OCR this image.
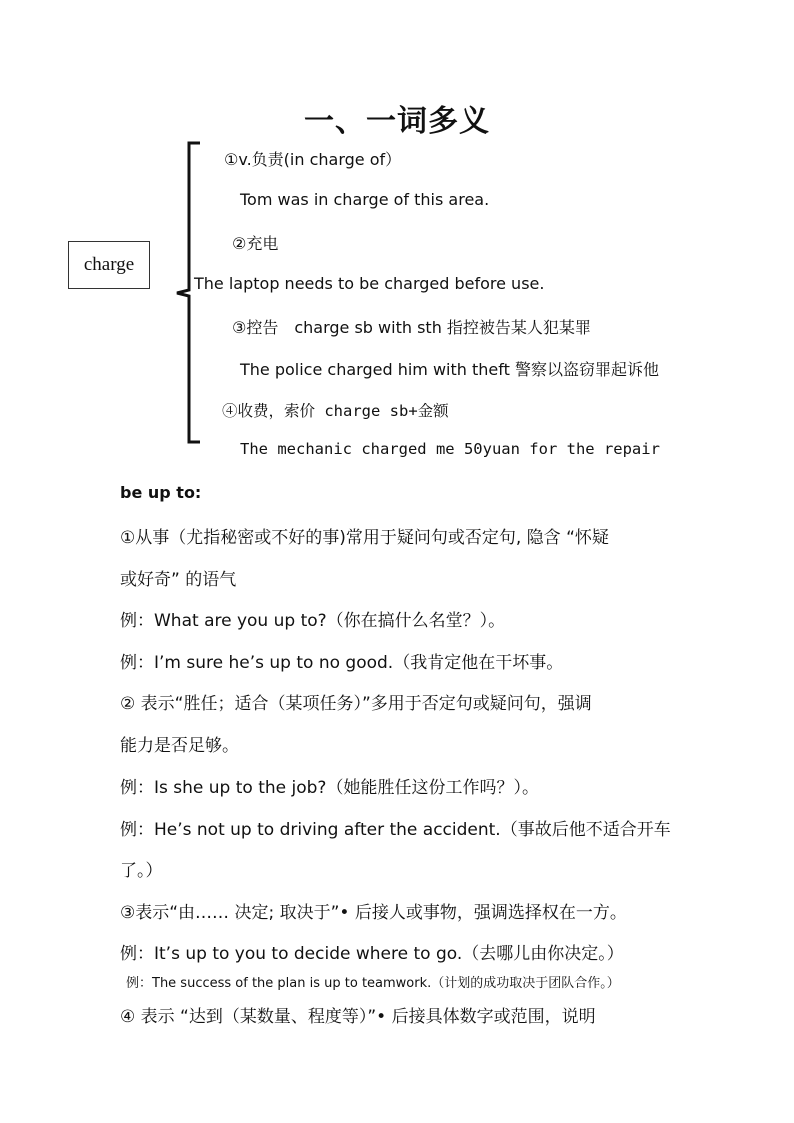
一、一词多义
charge
①v.负责(in charge of）
Tom was in charge of this area.
②充电
The laptop needs to be charged before use.
③控告　charge sb with sth 指控被告某人犯某罪
The police charged him with theft 警察以盗窃罪起诉他
④收费，索价 charge sb+金额
The mechanic charged me 50yuan for the repair
be up to:
①从事（尤指秘密或不好的事)常用于疑问句或否定句, 隐含 “怀疑
或好奇” 的语气
例：What are you up to?（你在搞什么名堂？）。
例：I’m sure he’s up to no good.（我肯定他在干坏事。
② 表示“胜任；适合（某项任务）”多用于否定句或疑问句，强调
能力是否足够。
例：Is she up to the job?（她能胜任这份工作吗？）。
例：He’s not up to driving after the accident.（事故后他不适合开车
了。）
③表示“由…… 决定; 取决于”• 后接人或事物，强调选择权在一方。
例：It’s up to you to decide where to go.（去哪儿由你决定。）
例：The success of the plan is up to teamwork.（计划的成功取决于团队合作。）
④ 表示 “达到（某数量、程度等）”• 后接具体数字或范围，说明
